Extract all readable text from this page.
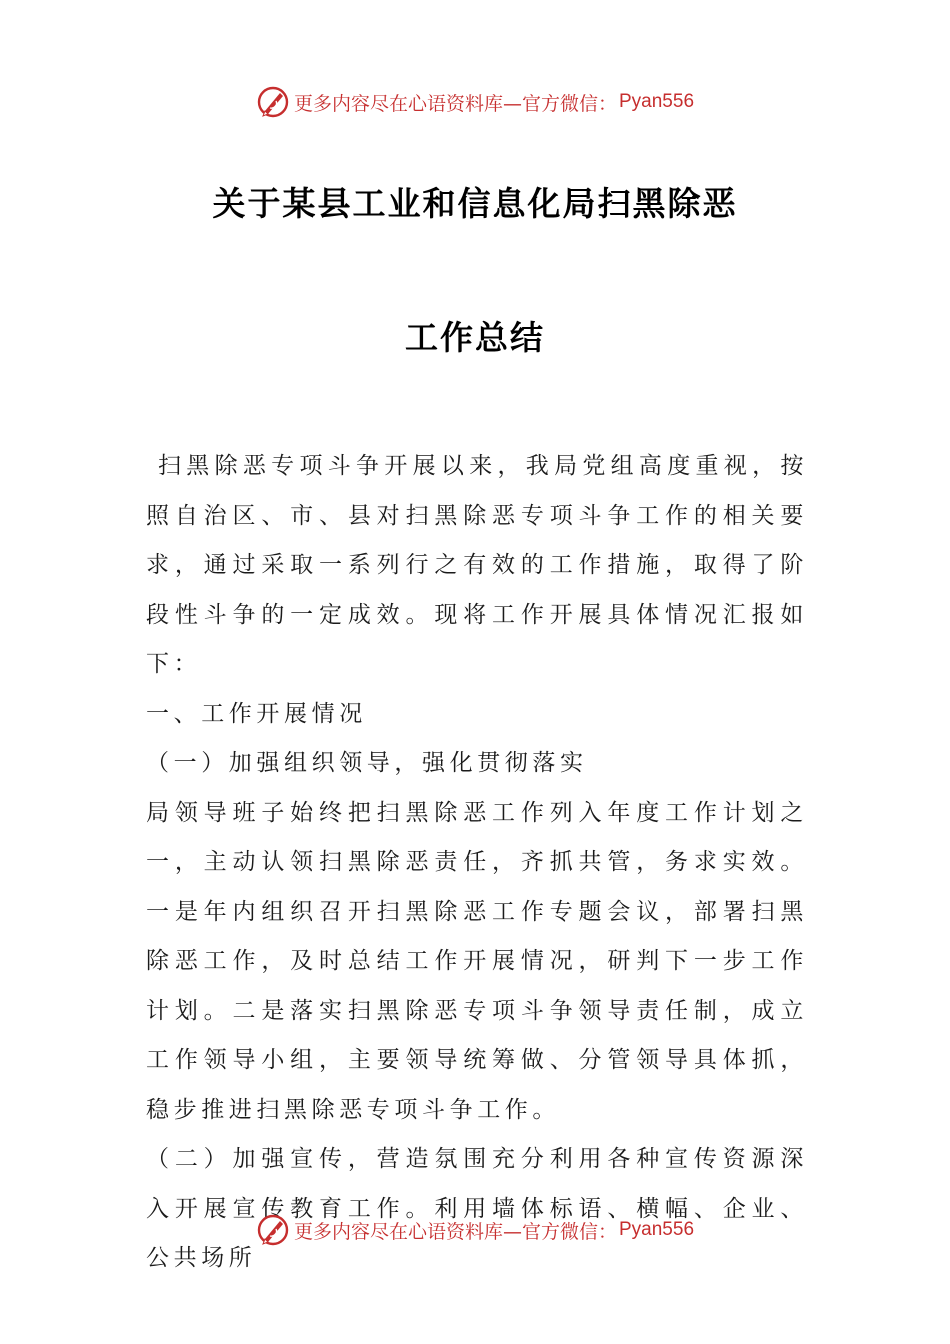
更多内容尽在心语资料库—官方微信： Pyan556
关于某县工业和信息化局扫黑除恶
工作总结

扫黑除恶专项斗争开展以来，我局党组高度重视，按照自治区、市、县对扫黑除恶专项斗争工作的相关要求，通过采取一系列行之有效的工作措施，取得了阶段性斗争的一定成效。现将工作开展具体情况汇报如下：

一、工作开展情况

（一）加强组织领导，强化贯彻落实

局领导班子始终把扫黑除恶工作列入年度工作计划之一，主动认领扫黑除恶责任，齐抓共管，务求实效。一是年内组织召开扫黑除恶工作专题会议，部署扫黑除恶工作，及时总结工作开展情况，研判下一步工作计划。二是落实扫黑除恶专项斗争领导责任制，成立工作领导小组，主要领导统筹做、分管领导具体抓，稳步推进扫黑除恶专项斗争工作。

（二）加强宣传，营造氛围充分利用各种宣传资源深入开展宣传教育工作。利用墙体标语、横幅、企业、公共场所

更多内容尽在心语资料库—官方微信： Pyan556
